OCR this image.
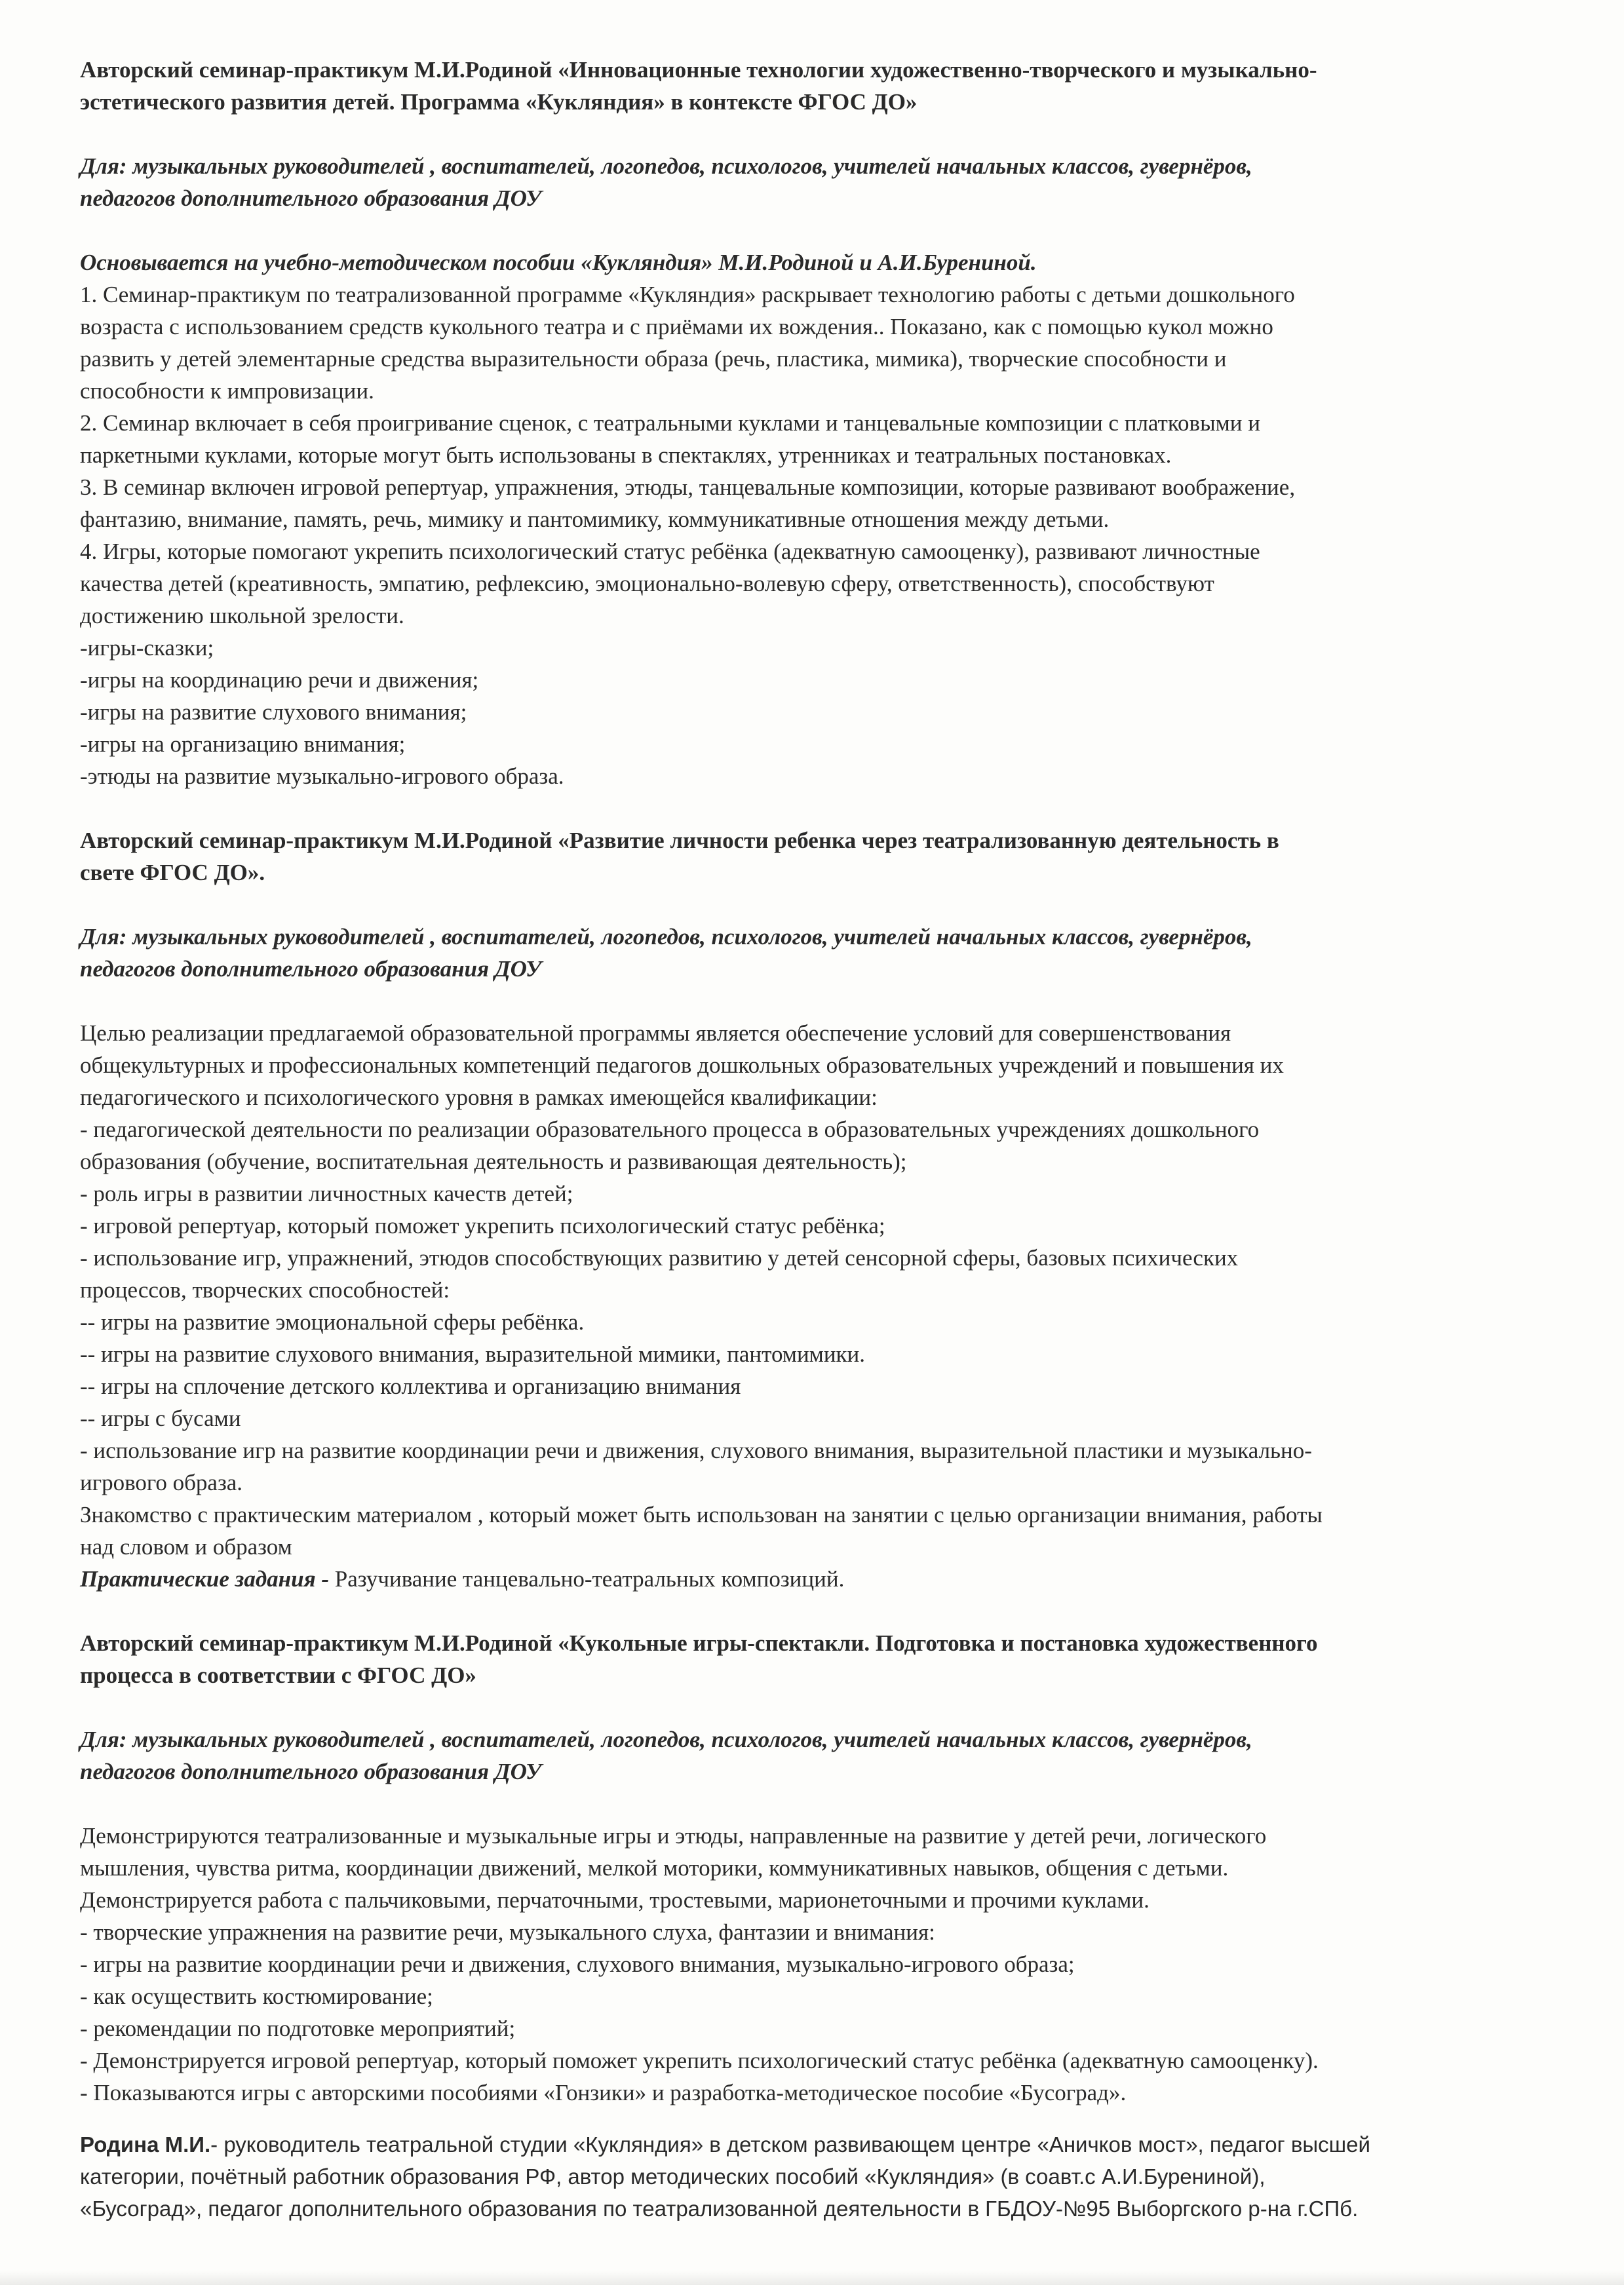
Авторский семинар-практикум М.И.Родиной «Инновационные технологии художественно-творческого и музыкально-
эстетического развития детей. Программа «Кукляндия» в контексте ФГОС ДО»
Для: музыкальных руководителей , воспитателей, логопедов, психологов, учителей начальных классов, гувернёров,
педагогов дополнительного образования ДОУ
Основывается на учебно-методическом пособии «Кукляндия» М.И.Родиной и А.И.Бурениной.
1. Семинар-практикум по театрализованной программе «Кукляндия» раскрывает технологию работы с детьми дошкольного
возраста с использованием средств кукольного театра и с приёмами их вождения.. Показано, как с помощью кукол можно
развить у детей элементарные средства выразительности образа (речь, пластика, мимика), творческие способности и
способности к импровизации.
2. Семинар включает в себя проигривание сценок, с театральными куклами и танцевальные композиции с платковыми и
паркетными куклами, которые могут быть использованы в спектаклях, утренниках и театральных постановках.
3. В семинар включен игровой репертуар, упражнения, этюды, танцевальные композиции, которые развивают воображение,
фантазию, внимание, память, речь, мимику и пантомимику, коммуникативные отношения между детьми.
4. Игры, которые помогают укрепить психологический статус ребёнка (адекватную самооценку), развивают личностные
качества детей (креативность, эмпатию, рефлексию, эмоционально-волевую сферу, ответственность), способствуют
достижению школьной зрелости.
-игры-сказки;
-игры на координацию речи и движения;
-игры на развитие слухового внимания;
-игры на организацию внимания;
-этюды на развитие музыкально-игрового образа.
Авторский семинар-практикум М.И.Родиной «Развитие личности ребенка через театрализованную деятельность в
свете ФГОС ДО».
Для: музыкальных руководителей , воспитателей, логопедов, психологов, учителей начальных классов, гувернёров,
педагогов дополнительного образования ДОУ
Целью реализации предлагаемой образовательной программы является обеспечение условий для совершенствования
общекультурных и профессиональных компетенций педагогов дошкольных образовательных учреждений и повышения их
педагогического и психологического уровня в рамках имеющейся квалификации:
- педагогической деятельности по реализации образовательного процесса в образовательных учреждениях дошкольного
образования (обучение, воспитательная деятельность и развивающая деятельность);
- роль игры в развитии личностных качеств детей;
- игровой репертуар, который поможет укрепить психологический статус ребёнка;
- использование игр, упражнений, этюдов способствующих развитию у детей сенсорной сферы, базовых психических
процессов, творческих способностей:
-- игры на развитие эмоциональной сферы ребёнка.
-- игры на развитие слухового внимания, выразительной мимики, пантомимики.
-- игры на сплочение детского коллектива и организацию внимания
-- игры с бусами
- использование игр на развитие координации речи и движения, слухового внимания, выразительной пластики и музыкально-
игрового образа.
Знакомство с практическим материалом , который может быть использован на занятии с целью организации внимания, работы
над словом и образом
Практические задания - Разучивание танцевально-театральных композиций.
Авторский семинар-практикум М.И.Родиной «Кукольные игры-спектакли. Подготовка и постановка художественного
процесса в соответствии с ФГОС ДО»
Для: музыкальных руководителей , воспитателей, логопедов, психологов, учителей начальных классов, гувернёров,
педагогов дополнительного образования ДОУ
Демонстрируются театрализованные и музыкальные игры и этюды, направленные на развитие у детей речи, логического
мышления, чувства ритма, координации движений, мелкой моторики, коммуникативных навыков, общения с детьми.
Демонстрируется работа с пальчиковыми, перчаточными, тростевыми, марионеточными и прочими куклами.
- творческие упражнения на развитие речи, музыкального слуха, фантазии и внимания:
- игры на развитие координации речи и движения, слухового внимания, музыкально-игрового образа;
- как осуществить костюмирование;
- рекомендации по подготовке мероприятий;
- Демонстрируется игровой репертуар, который поможет укрепить психологический статус ребёнка (адекватную самооценку).
- Показываются игры с авторскими пособиями «Гонзики» и разработка-методическое пособие «Бусоград».
Родина М.И.- руководитель театральной студии «Кукляндия» в детском развивающем центре «Аничков мост», педагог высшей
категории, почётный работник образования РФ, автор методических пособий «Кукляндия» (в соавт.с А.И.Бурениной),
«Бусоград», педагог дополнительного образования по театрализованной деятельности в ГБДОУ-№95 Выборгского р-на г.СПб.
